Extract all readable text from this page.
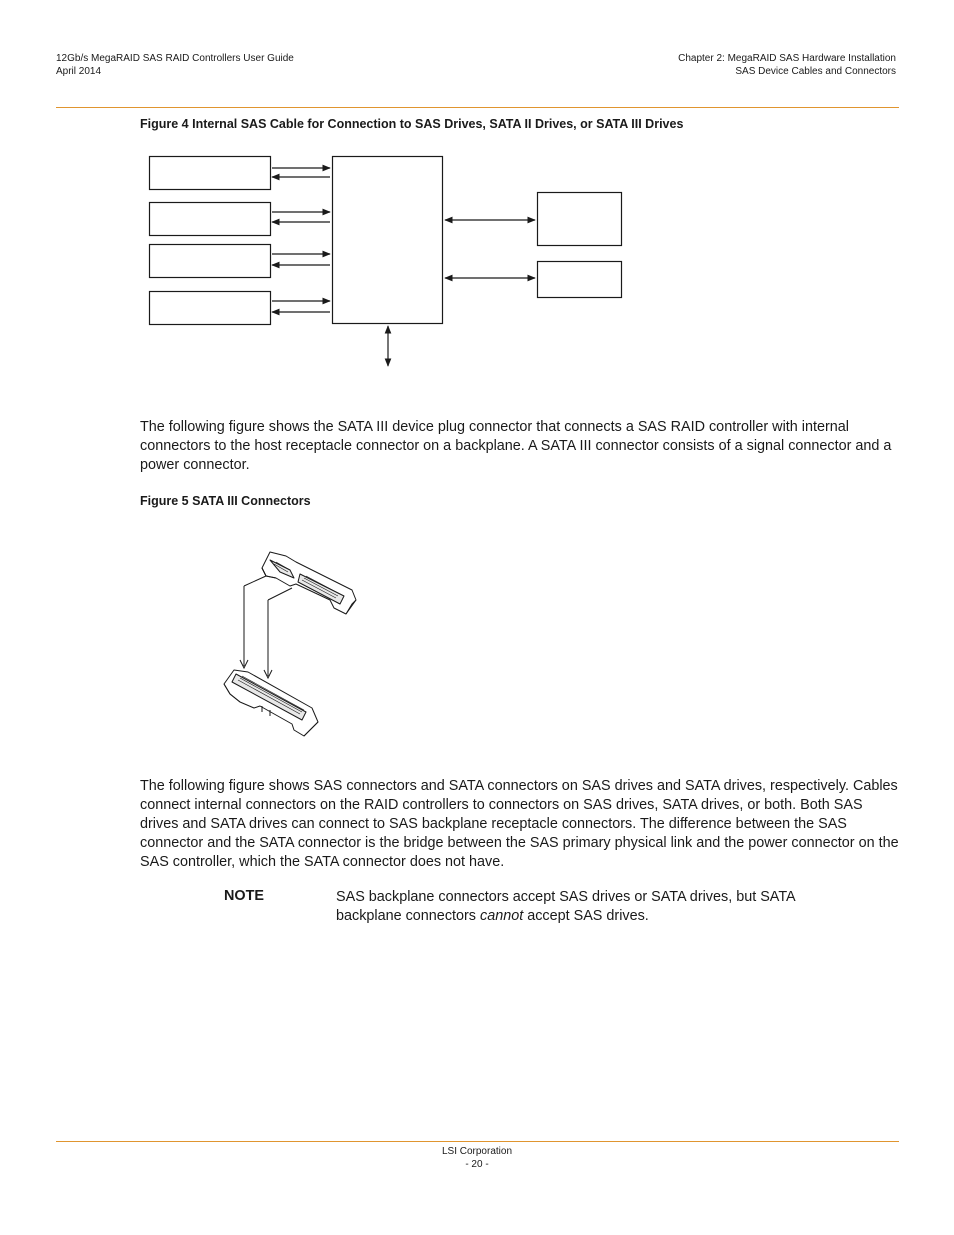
12Gb/s MegaRAID SAS RAID Controllers User Guide
April 2014
Chapter 2: MegaRAID SAS Hardware Installation
SAS Device Cables and Connectors
Figure 4 Internal SAS Cable for Connection to SAS Drives, SATA II Drives, or SATA III Drives
The following figure shows the SATA III device plug connector that connects a SAS RAID controller with internal connectors to the host receptacle connector on a backplane. A SATA III connector consists of a signal connector and a power connector.
Figure 5 SATA III Connectors
The following figure shows SAS connectors and SATA connectors on SAS drives and SATA drives, respectively. Cables connect internal connectors on the RAID controllers to connectors on SAS drives, SATA drives, or both. Both SAS drives and SATA drives can connect to SAS backplane receptacle connectors. The difference between the SAS connector and the SATA connector is the bridge between the SAS primary physical link and the power connector on the SAS controller, which the SATA connector does not have.
NOTE	SAS backplane connectors accept SAS drives or SATA drives, but SATA backplane connectors cannot accept SAS drives.
LSI Corporation
- 20 -
